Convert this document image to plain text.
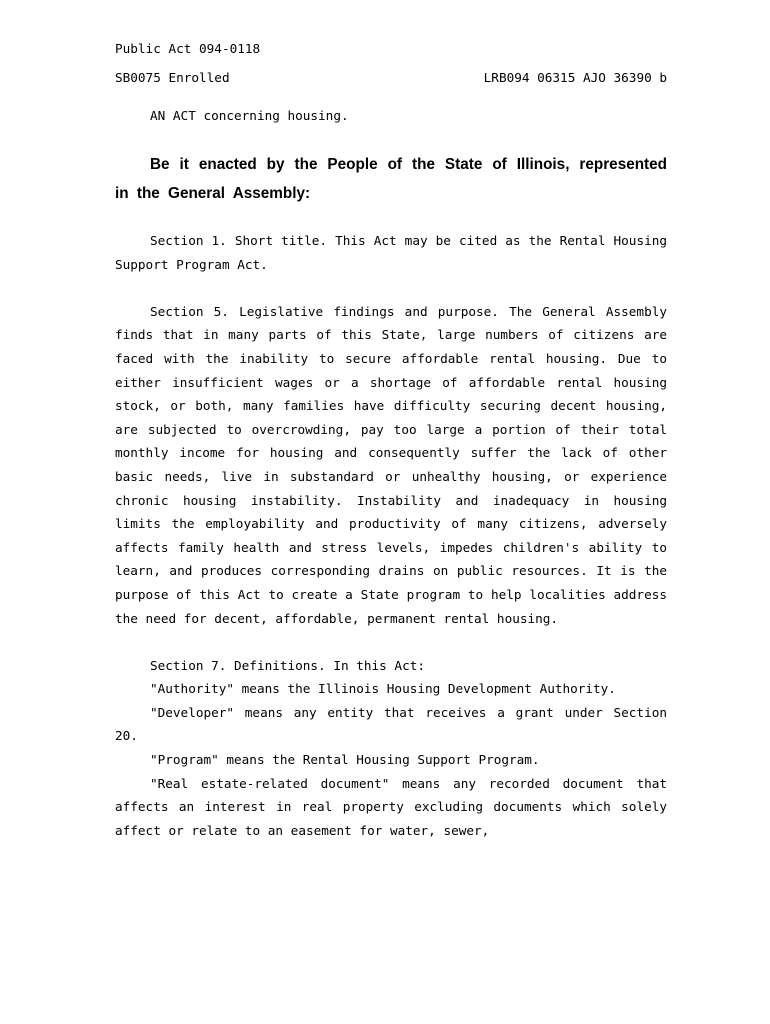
Public Act 094-0118
SB0075 Enrolled	LRB094 06315 AJO 36390 b
AN ACT concerning housing.
Be it enacted by the People of the State of Illinois, represented in the General Assembly:

Section 1. Short title. This Act may be cited as the Rental Housing Support Program Act.

Section 5. Legislative findings and purpose. The General Assembly finds that in many parts of this State, large numbers of citizens are faced with the inability to secure affordable rental housing. Due to either insufficient wages or a shortage of affordable rental housing stock, or both, many families have difficulty securing decent housing, are subjected to overcrowding, pay too large a portion of their total monthly income for housing and consequently suffer the lack of other basic needs, live in substandard or unhealthy housing, or experience chronic housing instability. Instability and inadequacy in housing limits the employability and productivity of many citizens, adversely affects family health and stress levels, impedes children's ability to learn, and produces corresponding drains on public resources. It is the purpose of this Act to create a State program to help localities address the need for decent, affordable, permanent rental housing.

Section 7. Definitions. In this Act:

"Authority" means the Illinois Housing Development Authority.

"Developer" means any entity that receives a grant under Section 20.

"Program" means the Rental Housing Support Program.

"Real estate-related document" means any recorded document that affects an interest in real property excluding documents which solely affect or relate to an easement for water, sewer,
